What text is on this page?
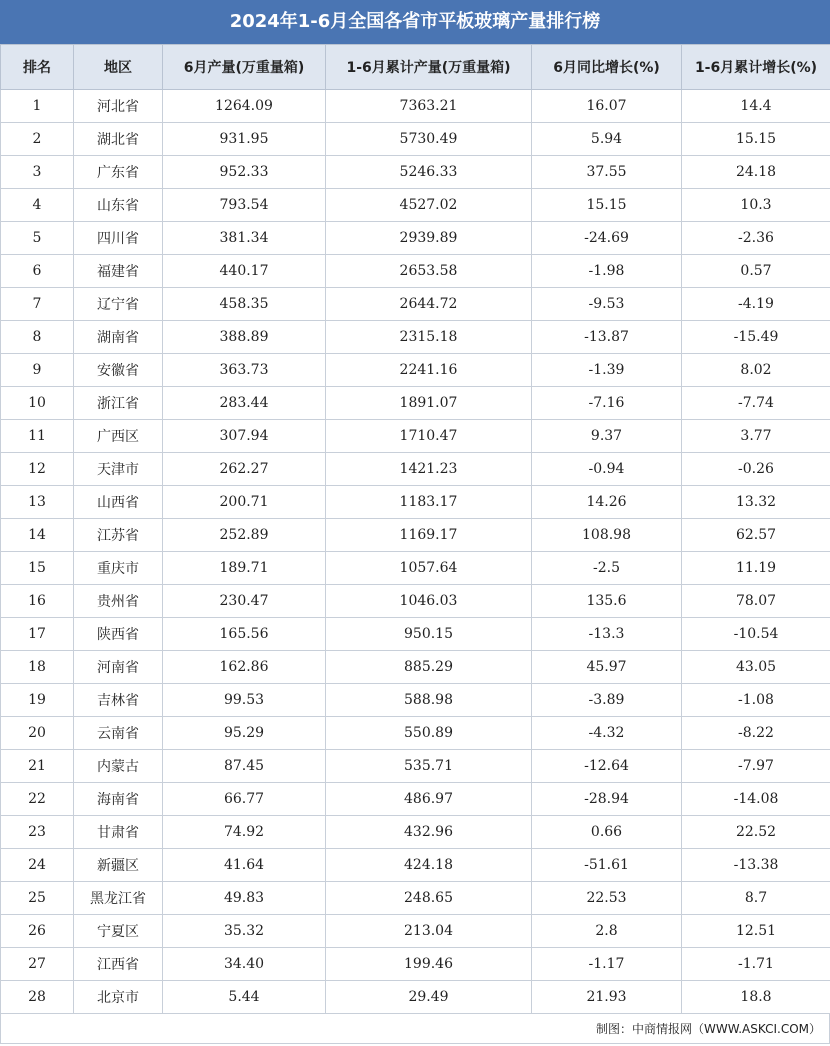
2024年1-6月全国各省市平板玻璃产量排行榜
排名	地区	6月产量(万重量箱)	1-6月累计产量(万重量箱)	6月同比增长(%)	1-6月累计增长(%)
1	河北省	1264.09	7363.21	16.07	14.4
2	湖北省	931.95	5730.49	5.94	15.15
3	广东省	952.33	5246.33	37.55	24.18
4	山东省	793.54	4527.02	15.15	10.3
5	四川省	381.34	2939.89	-24.69	-2.36
6	福建省	440.17	2653.58	-1.98	0.57
7	辽宁省	458.35	2644.72	-9.53	-4.19
8	湖南省	388.89	2315.18	-13.87	-15.49
9	安徽省	363.73	2241.16	-1.39	8.02
10	浙江省	283.44	1891.07	-7.16	-7.74
11	广西区	307.94	1710.47	9.37	3.77
12	天津市	262.27	1421.23	-0.94	-0.26
13	山西省	200.71	1183.17	14.26	13.32
14	江苏省	252.89	1169.17	108.98	62.57
15	重庆市	189.71	1057.64	-2.5	11.19
16	贵州省	230.47	1046.03	135.6	78.07
17	陕西省	165.56	950.15	-13.3	-10.54
18	河南省	162.86	885.29	45.97	43.05
19	吉林省	99.53	588.98	-3.89	-1.08
20	云南省	95.29	550.89	-4.32	-8.22
21	内蒙古	87.45	535.71	-12.64	-7.97
22	海南省	66.77	486.97	-28.94	-14.08
23	甘肃省	74.92	432.96	0.66	22.52
24	新疆区	41.64	424.18	-51.61	-13.38
25	黑龙江省	49.83	248.65	22.53	8.7
26	宁夏区	35.32	213.04	2.8	12.51
27	江西省	34.40	199.46	-1.17	-1.71
28	北京市	5.44	29.49	21.93	18.8
制图：中商情报网（WWW.ASKCI.COM）
